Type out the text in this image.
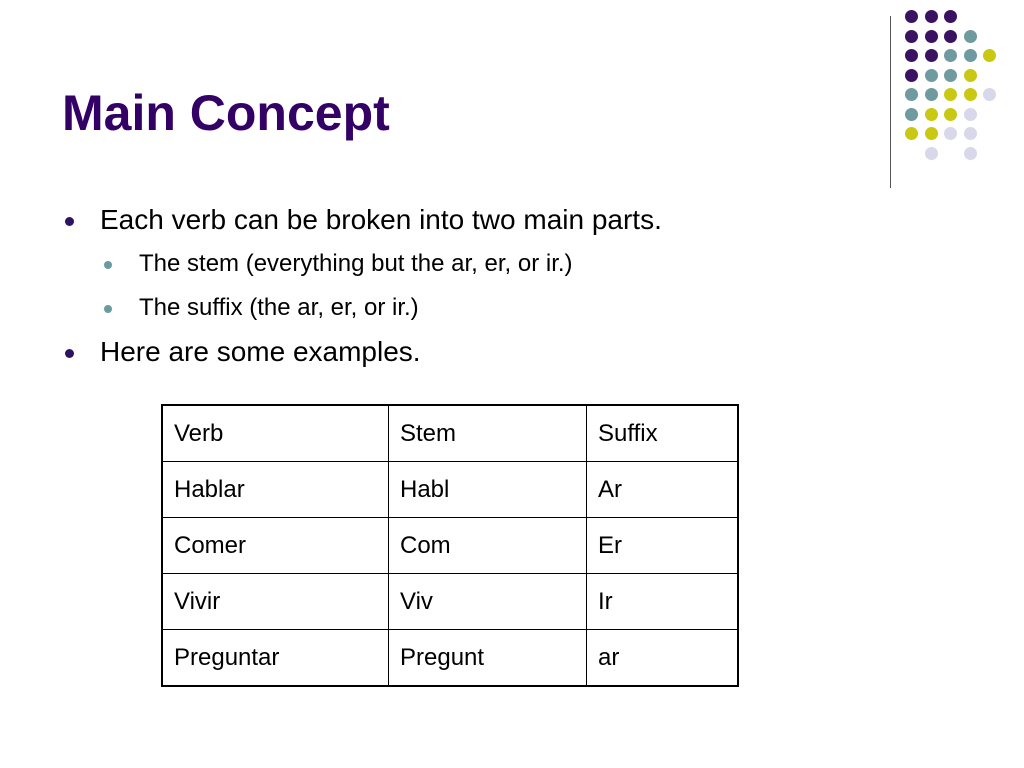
Main Concept
Each verb can be broken into two main parts.
The stem (everything but the ar, er, or ir.)
The suffix (the ar, er, or ir.)
Here are some examples.
Verb	Stem	Suffix
Hablar	Habl	Ar
Comer	Com	Er
Vivir	Viv	Ir
Preguntar	Pregunt	ar
